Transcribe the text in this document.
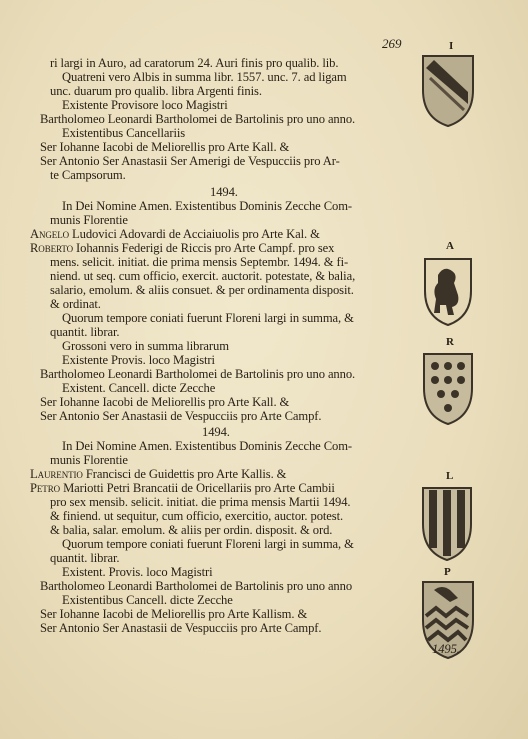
269	I
A
R
L
P
ri largi in Auro, ad caratorum 24. Auri finis pro qualib. lib.
Quatreni vero Albis in summa libr. 1557. unc. 7. ad ligam
unc. duarum pro qualib. libra Argenti finis.
Existente Provisore loco Magistri
Bartholomeo Leonardi Bartholomei de Bartolinis pro uno anno.
Existentibus Cancellariis
Ser Iohanne Iacobi de Meliorellis pro Arte Kall. &
Ser Antonio Ser Anastasii Ser Amerigi de Vespucciis pro Ar-
te Campsorum.
1494.
In Dei Nomine Amen. Existentibus Dominis Zecche Com-
munis Florentie
Angelo Ludovici Adovardi de Acciaiuolis pro Arte Kal. &
Roberto Iohannis Federigi de Riccis pro Arte Campf. pro sex
mens. selicit. initiat. die prima mensis Septembr. 1494. & fi-
niend. ut seq. cum officio, exercit. auctorit. potestate, & balia,
salario, emolum. & aliis consuet. & per ordinamenta disposit.
& ordinat.
Quorum tempore coniati fuerunt Floreni largi in summa, &
quantit. librar.
Grossoni vero in summa librarum
Existente Provis. loco Magistri
Bartholomeo Leonardi Bartholomei de Bartolinis pro uno anno.
Existent. Cancell. dicte Zecche
Ser Iohanne Iacobi de Meliorellis pro Arte Kall. &
Ser Antonio Ser Anastasii de Vespucciis pro Arte Campf.
1494.
In Dei Nomine Amen. Existentibus Dominis Zecche Com-
munis Florentie
Laurentio Francisci de Guidettis pro Arte Kallis. &
Petro Mariotti Petri Brancatii de Oricellariis pro Arte Cambii
pro sex mensib. selicit. initiat. die prima mensis Martii 1494.
& finiend. ut sequitur, cum officio, exercitio, auctor. potest.
& balia, salar. emolum. & aliis per ordin. disposit. & ord.
Quorum tempore coniati fuerunt Floreni largi in summa, &
quantit. librar.
Existent. Provis. loco Magistri
Bartholomeo Leonardi Bartholomei de Bartolinis pro uno anno
Existentibus Cancell. dicte Zecche
Ser Iohanne Iacobi de Meliorellis pro Arte Kallism. &
Ser Antonio Ser Anastasii de Vespucciis pro Arte Campf.
1495.
